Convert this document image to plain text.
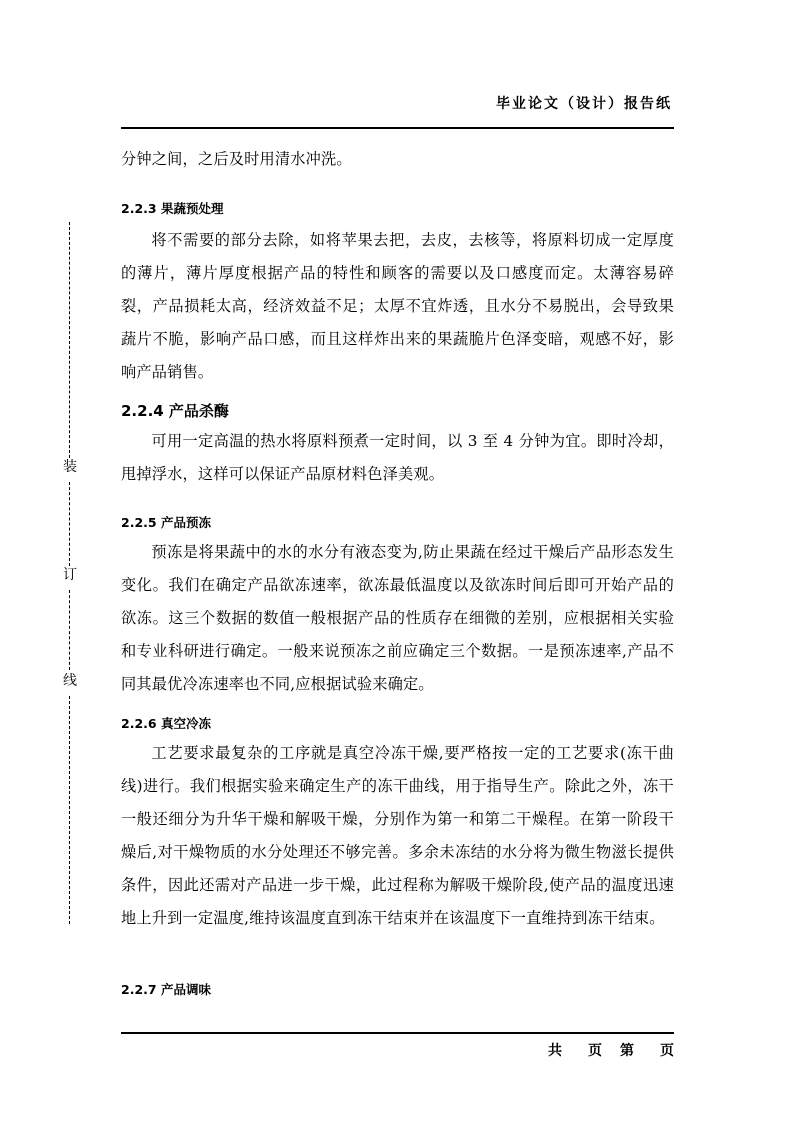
毕业论文（设计）报告纸
装
订
线

分钟之间，之后及时用清水冲洗。

2.2.3 果蔬预处理

将不需要的部分去除，如将苹果去把，去皮，去核等，将原料切成一定厚度的薄片，薄片厚度根据产品的特性和顾客的需要以及口感度而定。太薄容易碎裂，产品损耗太高，经济效益不足；太厚不宜炸透，且水分不易脱出，会导致果蔬片不脆，影响产品口感，而且这样炸出来的果蔬脆片色泽变暗，观感不好，影响产品销售。

2.2.4 产品杀酶

可用一定高温的热水将原料预煮一定时间，以 3 至 4 分钟为宜。即时冷却，甩掉浮水，这样可以保证产品原材料色泽美观。

2.2.5 产品预冻

预冻是将果蔬中的水的水分有液态变为,防止果蔬在经过干燥后产品形态发生变化。我们在确定产品欲冻速率，欲冻最低温度以及欲冻时间后即可开始产品的欲冻。这三个数据的数值一般根据产品的性质存在细微的差别，应根据相关实验和专业科研进行确定。一般来说预冻之前应确定三个数据。一是预冻速率,产品不同其最优冷冻速率也不同,应根据试验来确定。

2.2.6 真空冷冻

工艺要求最复杂的工序就是真空冷冻干燥,要严格按一定的工艺要求(冻干曲线)进行。我们根据实验来确定生产的冻干曲线，用于指导生产。除此之外，冻干一般还细分为升华干燥和解吸干燥，分别作为第一和第二干燥程。在第一阶段干燥后,对干燥物质的水分处理还不够完善。多余未冻结的水分将为微生物滋长提供条件，因此还需对产品进一步干燥，此过程称为解吸干燥阶段,使产品的温度迅速地上升到一定温度,维持该温度直到冻干结束并在该温度下一直维持到冻干结束。

2.2.7 产品调味
共 页 第 页
